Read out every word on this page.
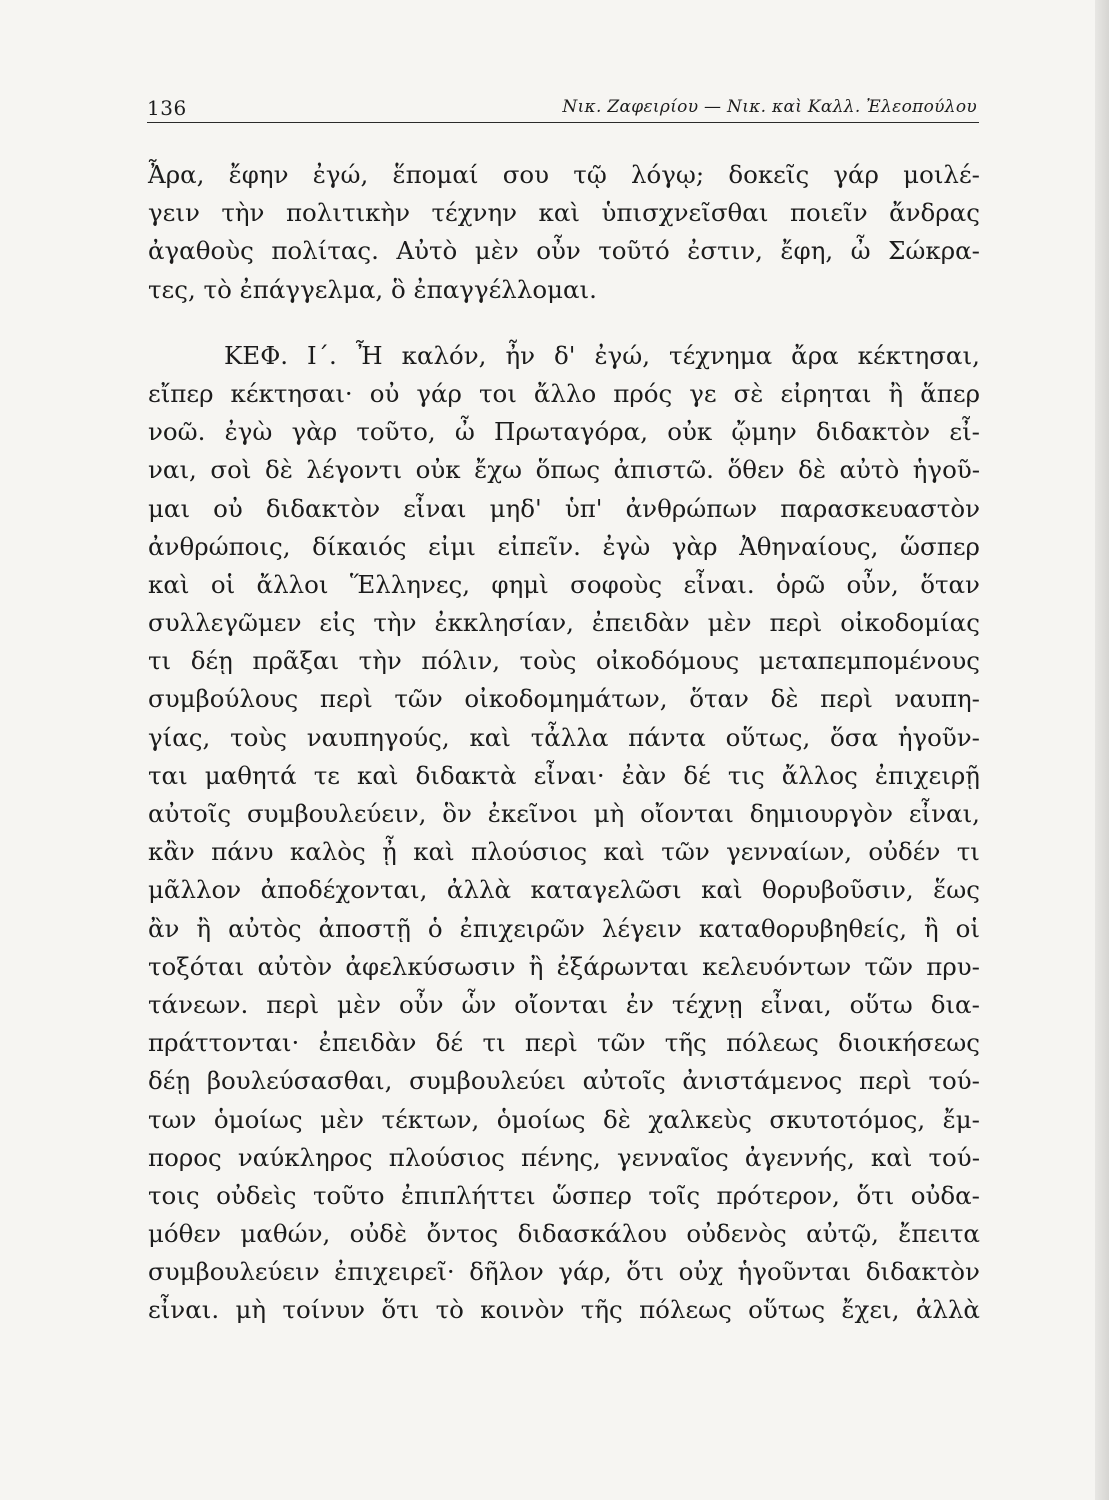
136	Νικ. Ζαφειρίου — Νικ. καὶ Καλλ. Ἐλεοπούλου
Ἆρα, ἔφην ἐγώ, ἕπομαί σου τῷ λόγῳ; δοκεῖς γάρ μοιλέ-
γειν τὴν πολιτικὴν τέχνην καὶ ὑπισχνεῖσθαι ποιεῖν ἄνδρας
ἀγαθοὺς πολίτας. Αὐτὸ μὲν οὖν τοῦτό ἐστιν, ἔφη, ὦ Σώκρα-
τες, τὸ ἐπάγγελμα, ὃ ἐπαγγέλλομαι.
ΚΕΦ. Ι΄. Ἦ καλόν, ἦν δ' ἐγώ, τέχνημα ἄρα κέκτησαι,
εἴπερ κέκτησαι· οὐ γάρ τοι ἄλλο πρός γε σὲ εἰρηται ἢ ἅπερ
νοῶ. ἐγὼ γὰρ τοῦτο, ὦ Πρωταγόρα, οὐκ ᾤμην διδακτὸν εἶ-
ναι, σοὶ δὲ λέγοντι οὐκ ἔχω ὅπως ἀπιστῶ. ὅθεν δὲ αὐτὸ ἡγοῦ-
μαι οὐ διδακτὸν εἶναι μηδ' ὑπ' ἀνθρώπων παρασκευαστὸν
ἀνθρώποις, δίκαιός εἰμι εἰπεῖν. ἐγὼ γὰρ Ἀθηναίους, ὥσπερ
καὶ οἱ ἄλλοι Ἕλληνες, φημὶ σοφοὺς εἶναι. ὁρῶ οὖν, ὅταν
συλλεγῶμεν εἰς τὴν ἐκκλησίαν, ἐπειδὰν μὲν περὶ οἰκοδομίας
τι δέῃ πρᾶξαι τὴν πόλιν, τοὺς οἰκοδόμους μεταπεμπομένους
συμβούλους περὶ τῶν οἰκοδομημάτων, ὅταν δὲ περὶ ναυπη-
γίας, τοὺς ναυπηγούς, καὶ τἆλλα πάντα οὕτως, ὅσα ἡγοῦν-
ται μαθητά τε καὶ διδακτὰ εἶναι· ἐὰν δέ τις ἄλλος ἐπιχειρῇ
αὐτοῖς συμβουλεύειν, ὃν ἐκεῖνοι μὴ οἴονται δημιουργὸν εἶναι,
κἂν πάνυ καλὸς ᾖ καὶ πλούσιος καὶ τῶν γενναίων, οὐδέν τι
μᾶλλον ἀποδέχονται, ἀλλὰ καταγελῶσι καὶ θορυβοῦσιν, ἕως
ἂν ἢ αὐτὸς ἀποστῇ ὁ ἐπιχειρῶν λέγειν καταθορυβηθείς, ἢ οἱ
τοξόται αὐτὸν ἀφελκύσωσιν ἢ ἐξάρωνται κελευόντων τῶν πρυ-
τάνεων. περὶ μὲν οὖν ὧν οἴονται ἐν τέχνῃ εἶναι, οὕτω δια-
πράττονται· ἐπειδὰν δέ τι περὶ τῶν τῆς πόλεως διοικήσεως
δέῃ βουλεύσασθαι, συμβουλεύει αὐτοῖς ἀνιστάμενος περὶ τού-
των ὁμοίως μὲν τέκτων, ὁμοίως δὲ χαλκεὺς σκυτοτόμος, ἔμ-
πορος ναύκληρος πλούσιος πένης, γενναῖος ἀγεννής, καὶ τού-
τοις οὐδεὶς τοῦτο ἐπιπλήττει ὥσπερ τοῖς πρότερον, ὅτι οὐδα-
μόθεν μαθών, οὐδὲ ὄντος διδασκάλου οὐδενὸς αὐτῷ, ἔπειτα
συμβουλεύειν ἐπιχειρεῖ· δῆλον γάρ, ὅτι οὐχ ἡγοῦνται διδακτὸν
εἶναι. μὴ τοίνυν ὅτι τὸ κοινὸν τῆς πόλεως οὕτως ἔχει, ἀλλὰ
